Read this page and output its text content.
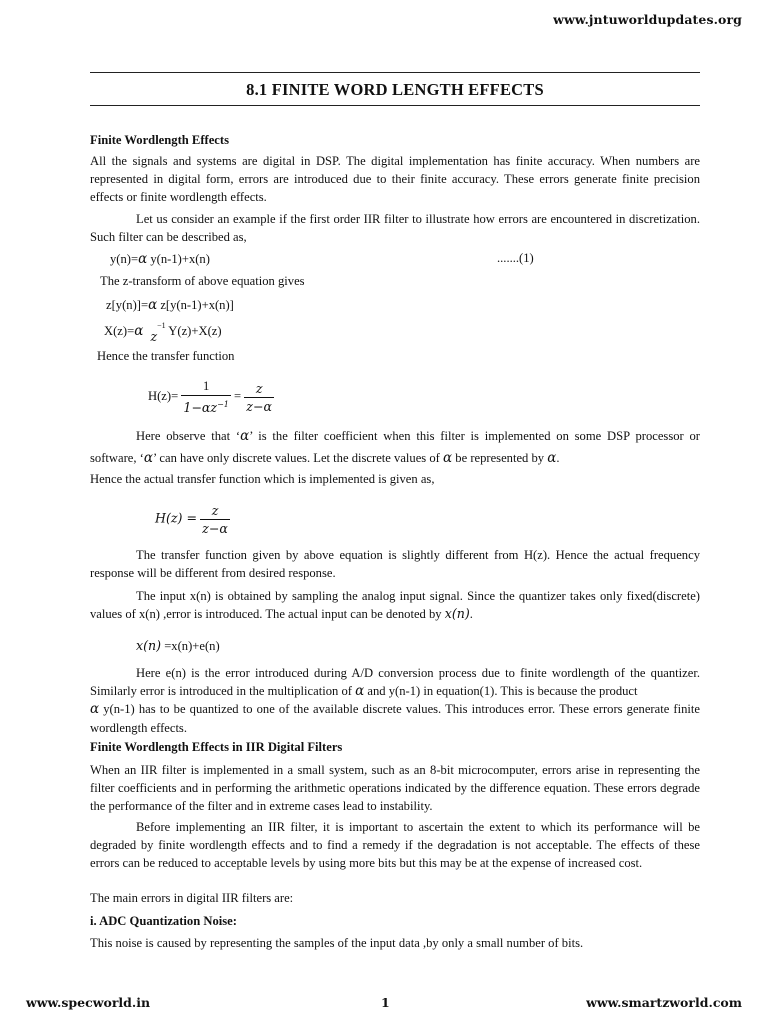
www.jntuworldupdates.org
8.1 FINITE WORD LENGTH EFFECTS
Finite Wordlength Effects
All the signals and systems are digital in DSP. The digital implementation has finite accuracy. When numbers are represented in digital form, errors are introduced due to their finite accuracy. These errors generate finite precision effects or finite wordlength effects.
Let us consider an example if the first order IIR filter to illustrate how errors are encountered in discretization. Such filter can be described as,
y(n)=α y(n-1)+x(n)	.......(1)
The z-transform of above equation gives
z[y(n)]=α z[y(n-1)+x(n)]
X(z)=α $z^{-1}$ Y(z)+X(z)
Hence the transfer function
$H(z)= \frac{1}{1-\alpha z^{-1}} = \frac{z}{z-\alpha}$
Here observe that ‘α’ is the filter coefficient when this filter is implemented on some DSP processor or software, ‘α’ can have only discrete values. Let the discrete values of α be represented by α.
Hence the actual transfer function which is implemented is given as,
$H(z) = \frac{z}{z-\alpha}$
The transfer function given by above equation is slightly different from H(z). Hence the actual frequency response will be different from desired response.
The input x(n) is obtained by sampling the analog input signal. Since the quantizer takes only fixed(discrete) values of x(n) ,error is introduced. The actual input can be denoted by x(n).
x(n) =x(n)+e(n)
Here e(n) is the error introduced during A/D conversion process due to finite wordlength of the quantizer. Similarly error is introduced in the multiplication of α and y(n-1) in equation(1). This is because the product
α y(n-1) has to be quantized to one of the available discrete values. This introduces error. These errors generate finite wordlength effects.
Finite Wordlength Effects in IIR Digital Filters
When an IIR filter is implemented in a small system, such as an 8-bit microcomputer, errors arise in representing the filter coefficients and in performing the arithmetic operations indicated by the difference equation. These errors degrade the performance of the filter and in extreme cases lead to instability.
Before implementing an IIR filter, it is important to ascertain the extent to which its performance will be degraded by finite wordlength effects and to find a remedy if the degradation is not acceptable. The effects of these errors can be reduced to acceptable levels by using more bits but this may be at the expense of increased cost.
The main errors in digital IIR filters are:
i. ADC Quantization Noise:
This noise is caused by representing the samples of the input data ,by only a small number of bits.
www.specworld.in	1	www.smartzworld.com
